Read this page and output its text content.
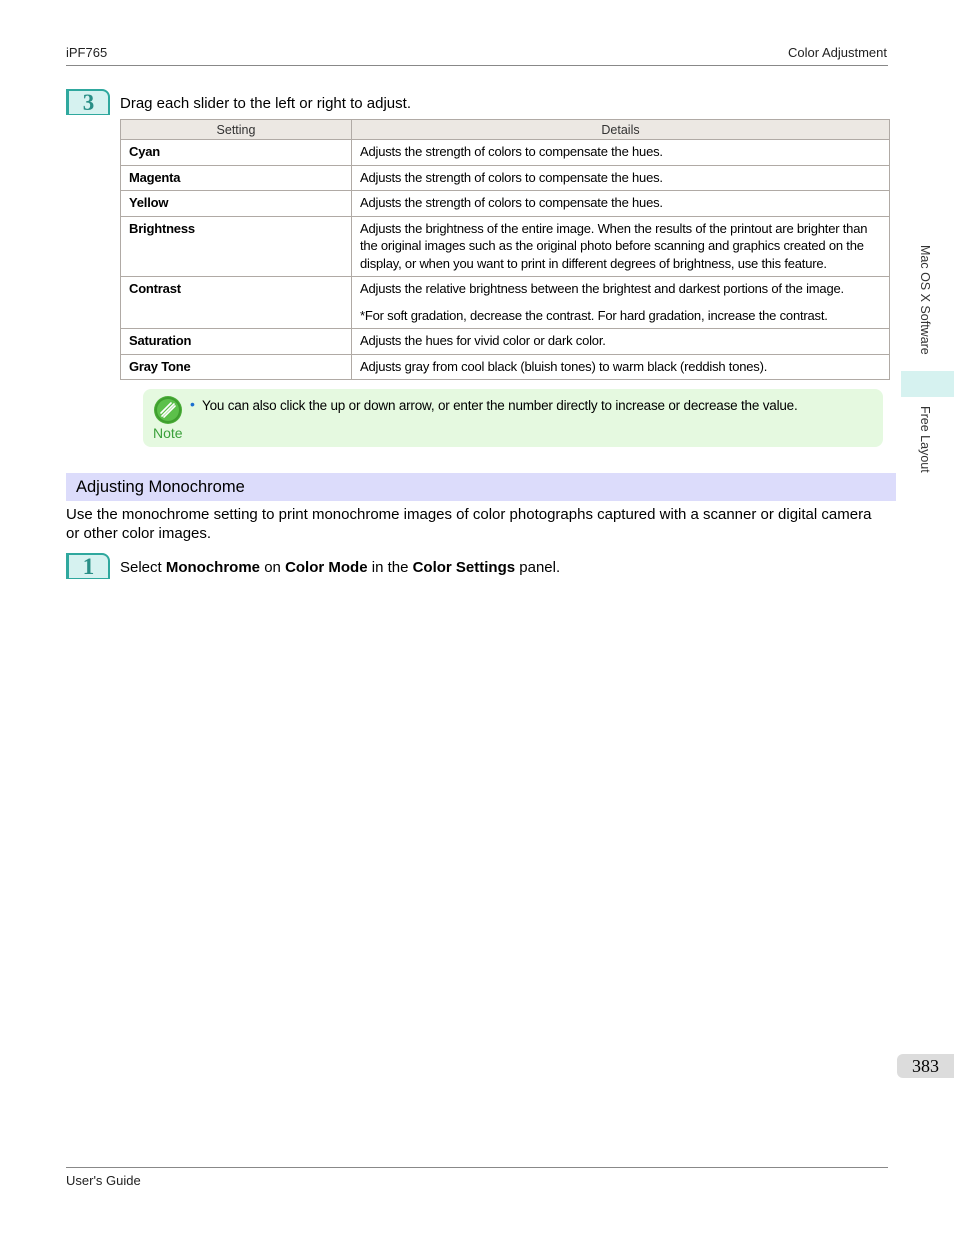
iPF765	Color Adjustment
3	Drag each slider to the left or right to adjust.
Setting	Details
Cyan	Adjusts the strength of colors to compensate the hues.

Magenta	Adjusts the strength of colors to compensate the hues.

Yellow	Adjusts the strength of colors to compensate the hues.

Brightness	Adjusts the brightness of the entire image. When the results of the printout are brighter than the original images such as the original photo before scanning and graphics created on the display, or when you want to print in different degrees of brightness, use this feature.

Contrast	Adjusts the relative brightness between the brightest and darkest portions of the image.

*For soft gradation, decrease the contrast. For hard gradation, increase the contrast.

Saturation	Adjusts the hues for vivid color or dark color.

Gray Tone	Adjusts gray from cool black (bluish tones) to warm black (reddish tones).

Note
• You can also click the up or down arrow, or enter the number directly to increase or decrease the value.
Adjusting Monochrome
Use the monochrome setting to print monochrome images of color photographs captured with a scanner or digital camera or other color images.
1	Select Monochrome on Color Mode in the Color Settings panel.
Mac OS X Software
Free Layout
383
User's Guide
